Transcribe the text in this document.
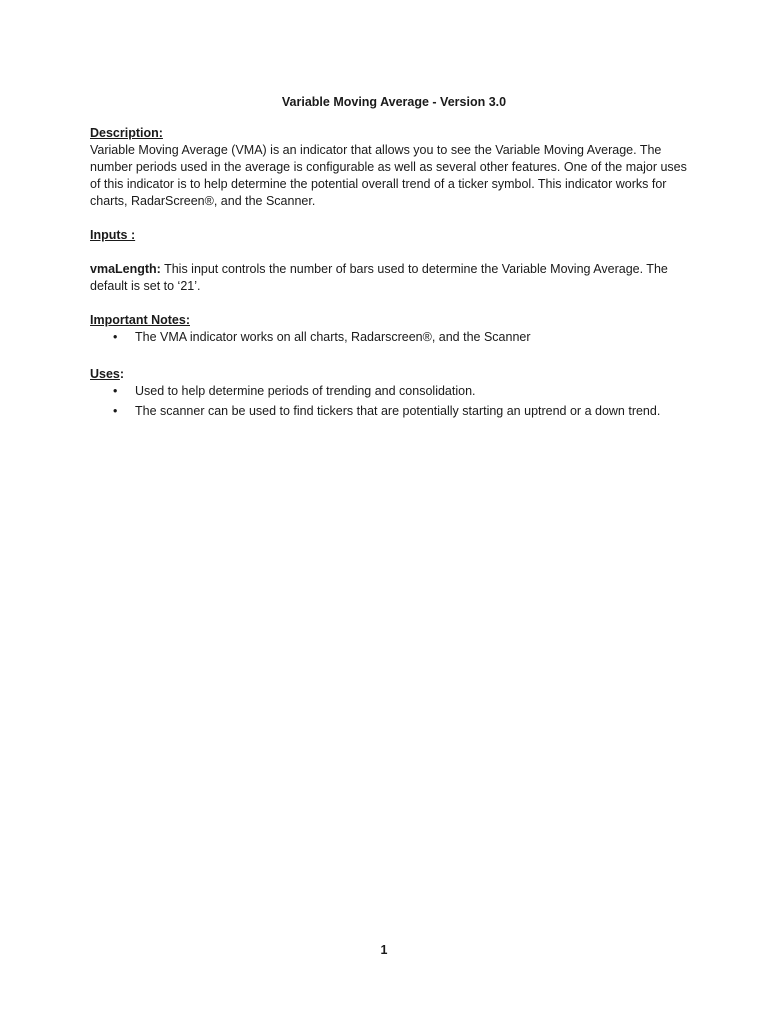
Variable Moving Average - Version 3.0

Description:

Variable Moving Average (VMA) is an indicator that allows you to see the Variable Moving Average. The number periods used in the average is configurable as well as several other features. One of the major uses of this indicator is to help determine the potential overall trend of a ticker symbol. This indicator works for charts, RadarScreen®, and the Scanner.

Inputs :

vmaLength: This input controls the number of bars used to determine the Variable Moving Average. The default is set to ‘21’.

Important Notes:

• The VMA indicator works on all charts, Radarscreen®, and the Scanner

Uses:

• Used to help determine periods of trending and consolidation.
• The scanner can be used to find tickers that are potentially starting an uptrend or a down trend.
1
